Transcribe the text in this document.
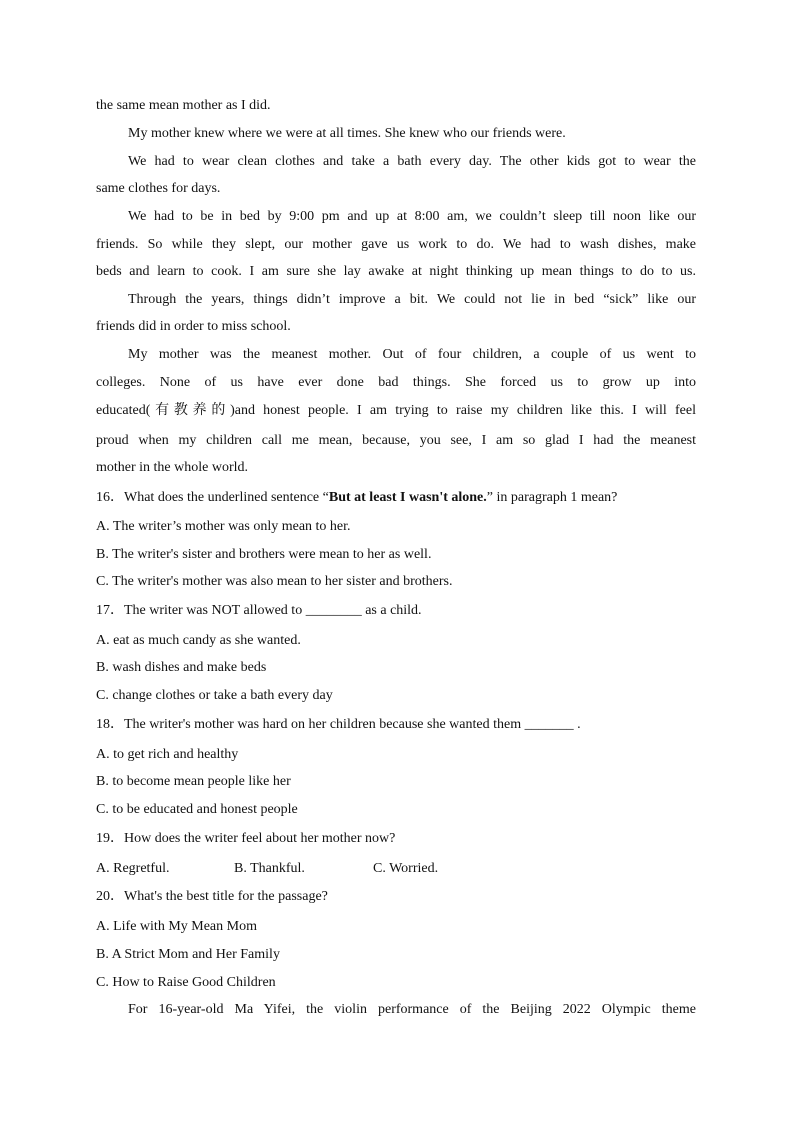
the same mean mother as I did.
My mother knew where we were at all times. She knew who our friends were.
We had to wear clean clothes and take a bath every day. The other kids got to wear the
same clothes for days.
We had to be in bed by 9:00 pm and up at 8:00 am, we couldn’t sleep till noon like our
friends. So while they slept, our mother gave us work to do. We had to wash dishes, make
beds and learn to cook. I am sure she lay awake at night thinking up mean things to do to us.
Through the years, things didn’t improve a bit. We could not lie in bed “sick” like our
friends did in order to miss school.
My mother was the meanest mother. Out of four children, a couple of us went to
colleges. None of us have ever done bad things. She forced us to grow up into
educated(有教养的)and honest people. I am trying to raise my children like this. I will feel
proud when my children call me mean, because, you see, I am so glad I had the meanest
mother in the whole world.
16．What does the underlined sentence “But at least I wasn't alone.” in paragraph 1 mean?
A. The writer’s mother was only mean to her.
B. The writer's sister and brothers were mean to her as well.
C. The writer's mother was also mean to her sister and brothers.
17．The writer was NOT allowed to ________ as a child.
A. eat as much candy as she wanted.
B. wash dishes and make beds
C. change clothes or take a bath every day
18．The writer's mother was hard on her children because she wanted them _______ .
A. to get rich and healthy
B. to become mean people like her
C. to be educated and honest people
19．How does the writer feel about her mother now?
A. Regretful.	B. Thankful.	C. Worried.
20．What's the best title for the passage?
A. Life with My Mean Mom
B. A Strict Mom and Her Family
C. How to Raise Good Children
For 16-year-old Ma Yifei, the violin performance of the Beijing 2022 Olympic theme
